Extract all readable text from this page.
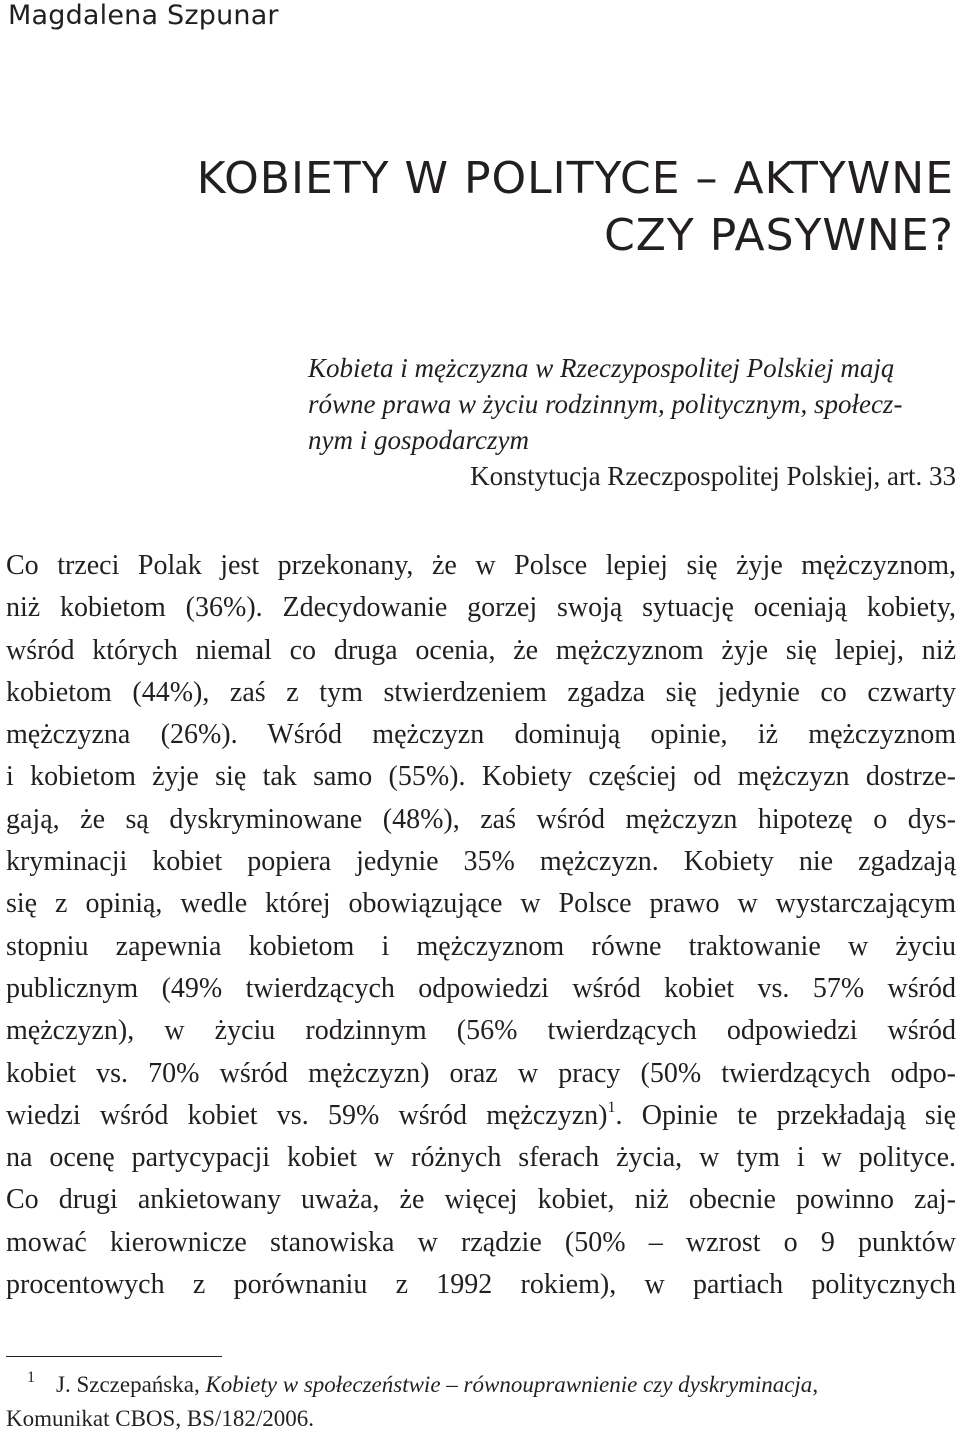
Magdalena Szpunar
KOBIETY W POLITYCE – AKTYWNE
CZY PASYWNE?
Kobieta i mężczyzna w Rzeczypospolitej Polskiej mają
równe prawa w życiu rodzinnym, politycznym, społecz-
nym i gospodarczym
Konstytucja Rzeczpospolitej Polskiej, art. 33
Co trzeci Polak jest przekonany, że w Polsce lepiej się żyje mężczyznom,
niż kobietom (36%). Zdecydowanie gorzej swoją sytuację oceniają kobiety,
wśród których niemal co druga ocenia, że mężczyznom żyje się lepiej, niż
kobietom (44%), zaś z tym stwierdzeniem zgadza się jedynie co czwarty
mężczyzna (26%). Wśród mężczyzn dominują opinie, iż mężczyznom
i kobietom żyje się tak samo (55%). Kobiety częściej od mężczyzn dostrze-
gają, że są dyskryminowane (48%), zaś wśród mężczyzn hipotezę o dys-
kryminacji kobiet popiera jedynie 35% mężczyzn. Kobiety nie zgadzają
się z opinią, wedle której obowiązujące w Polsce prawo w wystarczającym
stopniu zapewnia kobietom i mężczyznom równe traktowanie w życiu
publicznym (49% twierdzących odpowiedzi wśród kobiet vs. 57% wśród
mężczyzn), w życiu rodzinnym (56% twierdzących odpowiedzi wśród
kobiet vs. 70% wśród mężczyzn) oraz w pracy (50% twierdzących odpo-
wiedzi wśród kobiet vs. 59% wśród mężczyzn)$^1$. Opinie te przekładają się
na ocenę partycypacji kobiet w różnych sferach życia, w tym i w polityce.
Co drugi ankietowany uważa, że więcej kobiet, niż obecnie powinno zaj-
mować kierownicze stanowiska w rządzie (50% – wzrost o 9 punktów
procentowych z porównaniu z 1992 rokiem), w partiach politycznych
1 J. Szczepańska, Kobiety w społeczeństwie – równouprawnienie czy dyskryminacja,
Komunikat CBOS, BS/182/2006.
